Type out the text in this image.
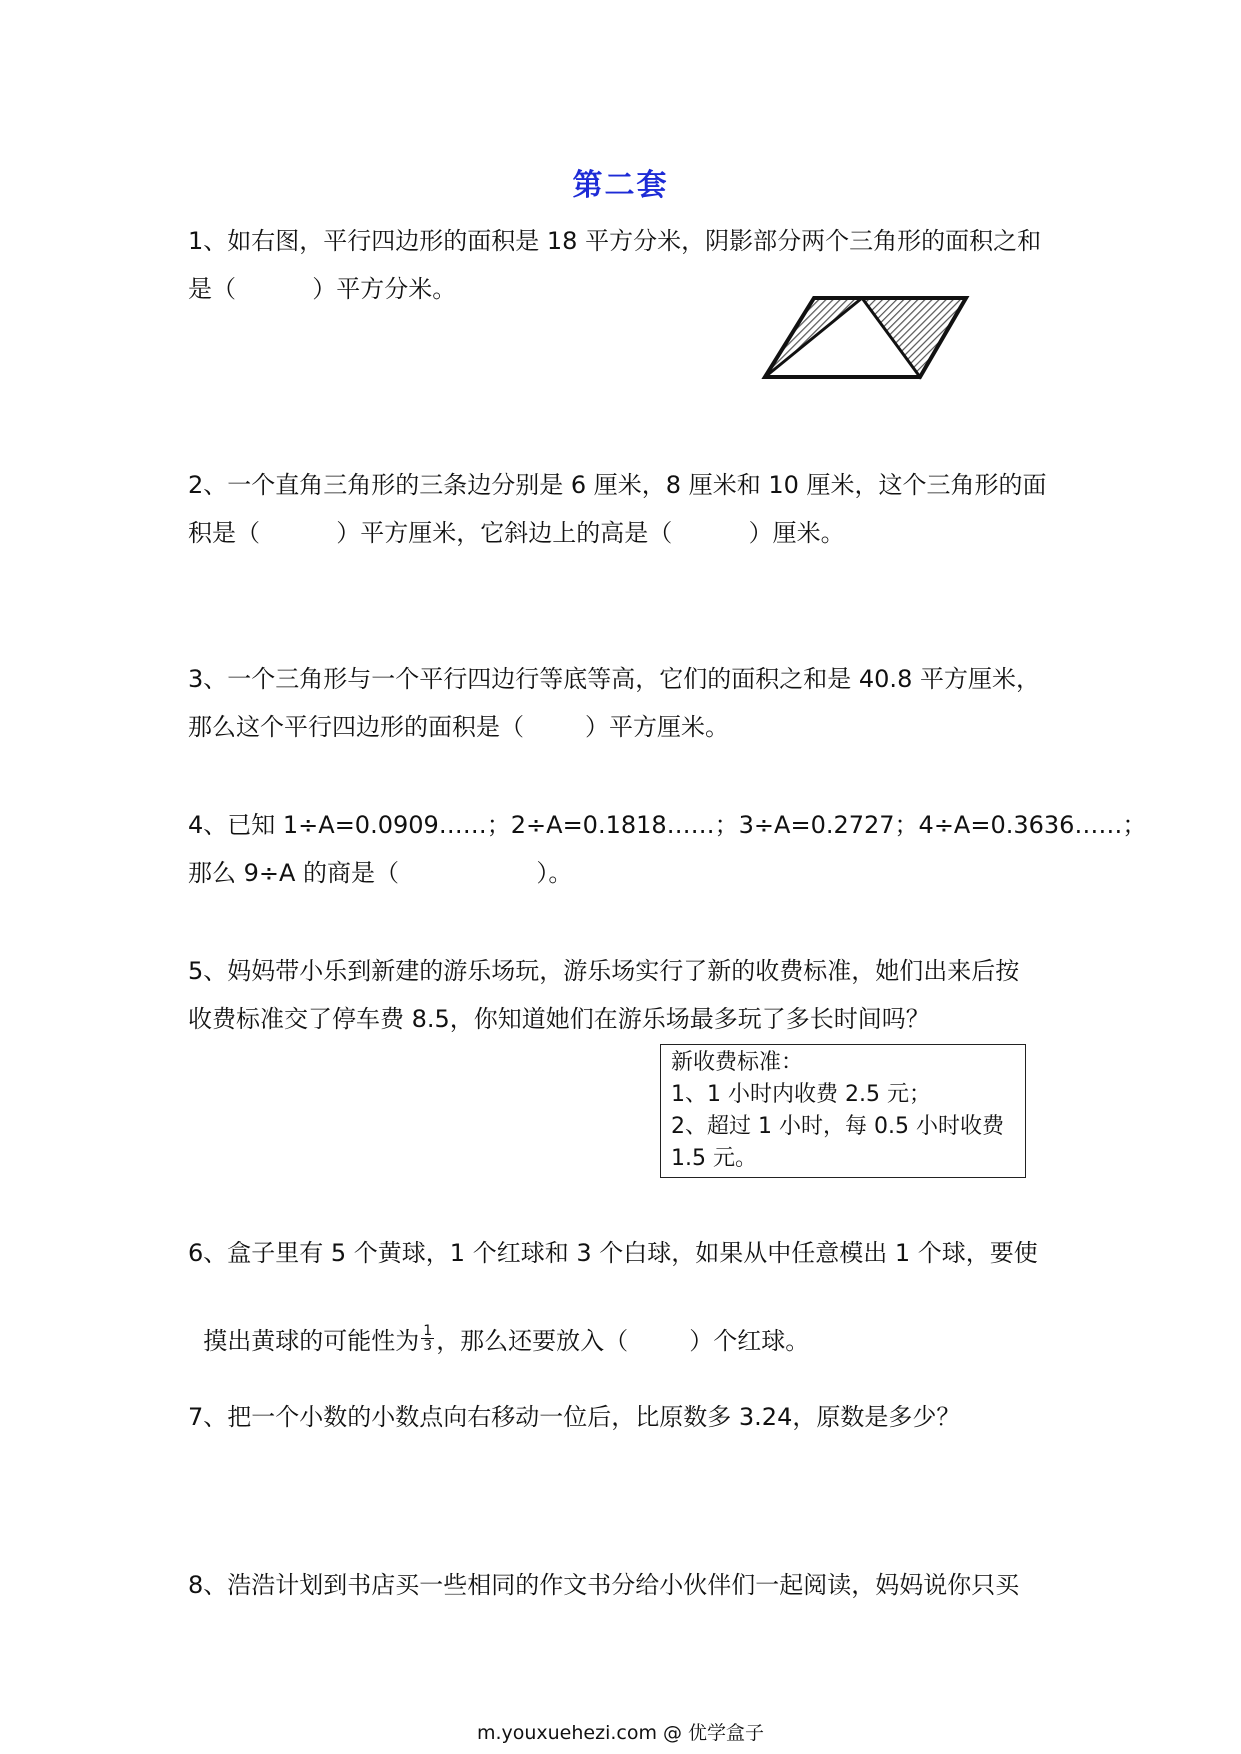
第二套
1、如右图，平行四边形的面积是 18 平方分米，阴影部分两个三角形的面积之和
是（          ）平方分米。
2、一个直角三角形的三条边分别是 6 厘米，8 厘米和 10 厘米，这个三角形的面
积是（          ）平方厘米，它斜边上的高是（          ）厘米。
3、一个三角形与一个平行四边行等底等高，它们的面积之和是 40.8 平方厘米，
那么这个平行四边形的面积是（        ）平方厘米。
4、已知 1÷A=0.0909……；2÷A=0.1818……；3÷A=0.2727；4÷A=0.3636……；
那么 9÷A 的商是（                  ）。
5、妈妈带小乐到新建的游乐场玩，游乐场实行了新的收费标准，她们出来后按
收费标准交了停车费 8.5，你知道她们在游乐场最多玩了多长时间吗？
新收费标准：
1、1 小时内收费 2.5 元；
2、超过 1 小时，每 0.5 小时收费
1.5 元。
6、盒子里有 5 个黄球，1 个红球和 3 个白球，如果从中任意模出 1 个球，要使

摸出黄球的可能性为 $\frac{1}{3}$ ，那么还要放入（        ）个红球。

7、把一个小数的小数点向右移动一位后，比原数多 3.24，原数是多少？
8、浩浩计划到书店买一些相同的作文书分给小伙伴们一起阅读，妈妈说你只买
m.youxuehezi.com @ 优学盒子
